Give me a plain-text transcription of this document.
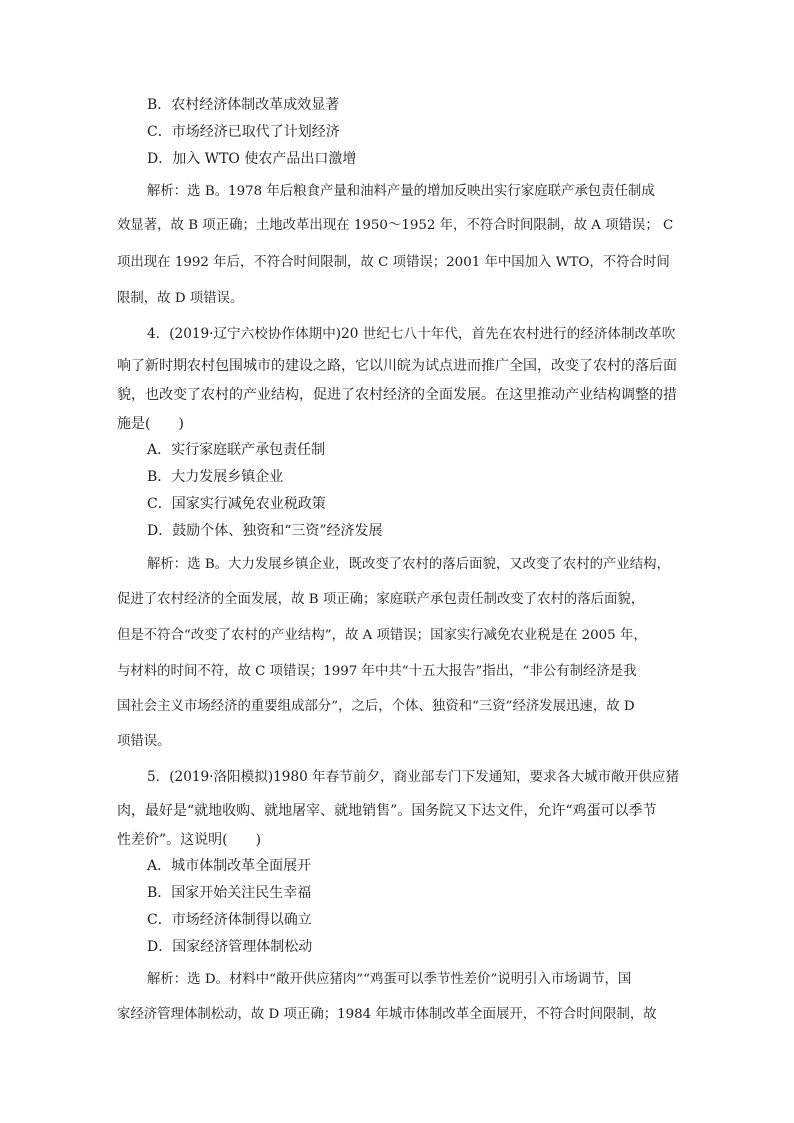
B．农村经济体制改革成效显著
C．市场经济已取代了计划经济
D．加入 WTO 使农产品出口激增
解析：选 B。1978 年后粮食产量和油料产量的增加反映出实行家庭联产承包责任制成
效显著，故 B 项正确；土地改革出现在 1950～1952 年，不符合时间限制，故 A 项错误； C
项出现在 1992 年后，不符合时间限制，故 C 项错误；2001 年中国加入 WTO，不符合时间
限制，故 D 项错误。
4．(2019·辽宁六校协作体期中)20 世纪七八十年代，首先在农村进行的经济体制改革吹
响了新时期农村包围城市的建设之路，它以川皖为试点进而推广全国，改变了农村的落后面
貌，也改变了农村的产业结构，促进了农村经济的全面发展。在这里推动产业结构调整的措
施是(　　)
A．实行家庭联产承包责任制
B．大力发展乡镇企业
C．国家实行减免农业税政策
D．鼓励个体、独资和“三资”经济发展
解析：选 B。大力发展乡镇企业，既改变了农村的落后面貌，又改变了农村的产业结构，
促进了农村经济的全面发展，故 B 项正确；家庭联产承包责任制改变了农村的落后面貌，
但是不符合“改变了农村的产业结构”，故 A 项错误；国家实行减免农业税是在 2005 年，
与材料的时间不符，故 C 项错误；1997 年中共“十五大报告”指出，“非公有制经济是我
国社会主义市场经济的重要组成部分”，之后，个体、独资和“三资”经济发展迅速，故 D
项错误。
5．(2019·洛阳模拟)1980 年春节前夕，商业部专门下发通知，要求各大城市敞开供应猪
肉，最好是“就地收购、就地屠宰、就地销售”。国务院又下达文件，允许“鸡蛋可以季节
性差价”。这说明(　　)
A．城市体制改革全面展开
B．国家开始关注民生幸福
C．市场经济体制得以确立
D．国家经济管理体制松动
解析：选 D。材料中“敞开供应猪肉”“鸡蛋可以季节性差价”说明引入市场调节，国
家经济管理体制松动，故 D 项正确；1984 年城市体制改革全面展开，不符合时间限制，故
